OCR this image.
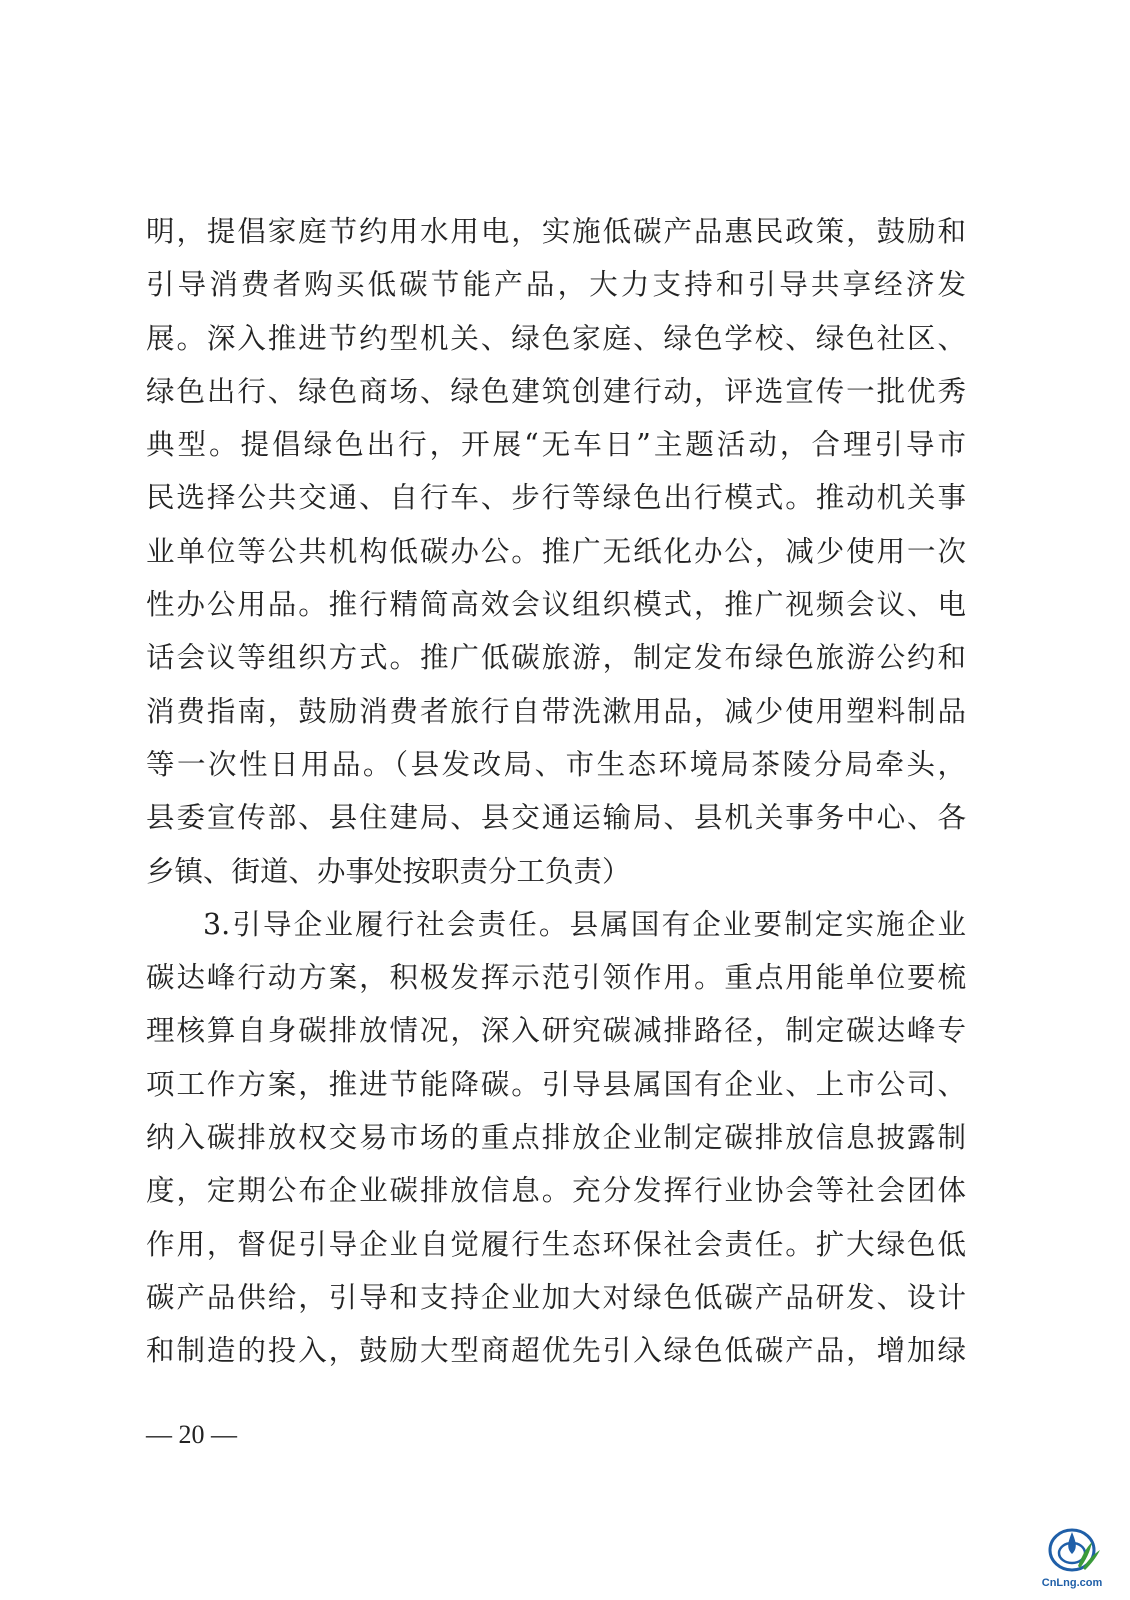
明，提倡家庭节约用水用电，实施低碳产品惠民政策，鼓励和
引导消费者购买低碳节能产品，大力支持和引导共享经济发
展。深入推进节约型机关、绿色家庭、绿色学校、绿色社区、
绿色出行、绿色商场、绿色建筑创建行动，评选宣传一批优秀
典型。提倡绿色出行，开展“无车日”主题活动，合理引导市
民选择公共交通、自行车、步行等绿色出行模式。推动机关事
业单位等公共机构低碳办公。推广无纸化办公，减少使用一次
性办公用品。推行精简高效会议组织模式，推广视频会议、电
话会议等组织方式。推广低碳旅游，制定发布绿色旅游公约和
消费指南，鼓励消费者旅行自带洗漱用品，减少使用塑料制品
等一次性日用品。（县发改局、市生态环境局茶陵分局牵头，
县委宣传部、县住建局、县交通运输局、县机关事务中心、各
乡镇、街道、办事处按职责分工负责）
3.引导企业履行社会责任。县属国有企业要制定实施企业
碳达峰行动方案，积极发挥示范引领作用。重点用能单位要梳
理核算自身碳排放情况，深入研究碳减排路径，制定碳达峰专
项工作方案，推进节能降碳。引导县属国有企业、上市公司、
纳入碳排放权交易市场的重点排放企业制定碳排放信息披露制
度，定期公布企业碳排放信息。充分发挥行业协会等社会团体
作用，督促引导企业自觉履行生态环保社会责任。扩大绿色低
碳产品供给，引导和支持企业加大对绿色低碳产品研发、设计
和制造的投入，鼓励大型商超优先引入绿色低碳产品，增加绿
— 20 —
CnLng.com
